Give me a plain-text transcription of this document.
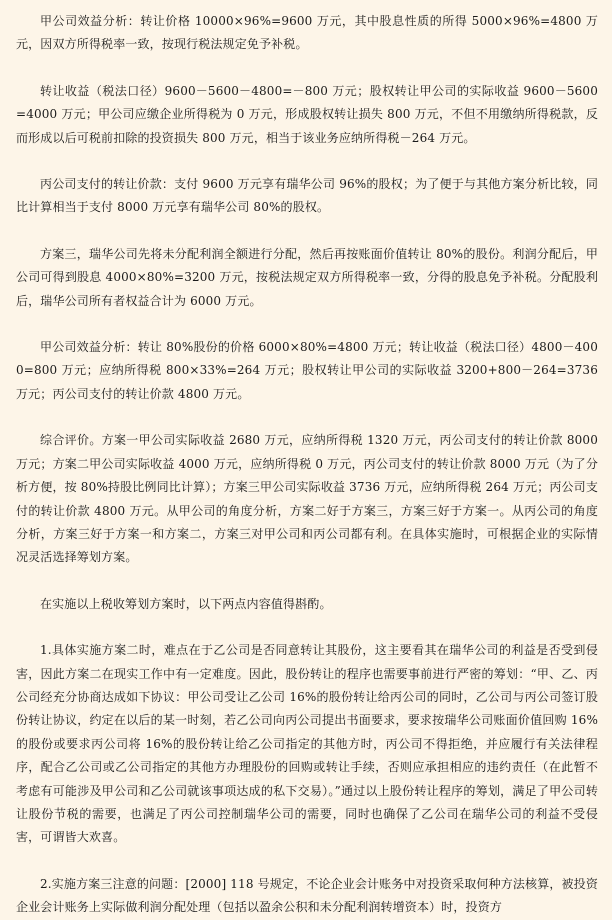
甲公司效益分析：转让价格 10000×96%=9600 万元，其中股息性质的所得 5000×96%=4800 万元，因双方所得税率一致，按现行税法规定免予补税。

转让收益（税法口径）9600－5600－4800=－800 万元；股权转让甲公司的实际收益 9600－5600=4000 万元；甲公司应缴企业所得税为 0 万元，形成股权转让损失 800 万元，不但不用缴纳所得税款，反而形成以后可税前扣除的投资损失 800 万元，相当于该业务应纳所得税－264 万元。

丙公司支付的转让价款：支付 9600 万元享有瑞华公司 96%的股权；为了便于与其他方案分析比较，同比计算相当于支付 8000 万元享有瑞华公司 80%的股权。

方案三，瑞华公司先将未分配利润全额进行分配，然后再按账面价值转让 80%的股份。利润分配后，甲公司可得到股息 4000×80%=3200 万元，按税法规定双方所得税率一致，分得的股息免予补税。分配股利后，瑞华公司所有者权益合计为 6000 万元。

甲公司效益分析：转让 80%股份的价格 6000×80%=4800 万元；转让收益（税法口径）4800－4000=800 万元；应纳所得税 800×33%=264 万元；股权转让甲公司的实际收益 3200+800－264=3736 万元；丙公司支付的转让价款 4800 万元。

综合评价。方案一甲公司实际收益 2680 万元，应纳所得税 1320 万元，丙公司支付的转让价款 8000 万元；方案二甲公司实际收益 4000 万元，应纳所得税 0 万元，丙公司支付的转让价款 8000 万元（为了分析方便，按 80%持股比例同比计算）；方案三甲公司实际收益 3736 万元，应纳所得税 264 万元；丙公司支付的转让价款 4800 万元。从甲公司的角度分析，方案二好于方案三，方案三好于方案一。从丙公司的角度分析，方案三好于方案一和方案二，方案三对甲公司和丙公司都有利。在具体实施时，可根据企业的实际情况灵活选择筹划方案。

在实施以上税收筹划方案时，以下两点内容值得斟酌。

1.具体实施方案二时，难点在于乙公司是否同意转让其股份，这主要看其在瑞华公司的利益是否受到侵害，因此方案二在现实工作中有一定难度。因此，股份转让的程序也需要事前进行严密的筹划：“甲、乙、丙公司经充分协商达成如下协议：甲公司受让乙公司 16%的股份转让给丙公司的同时，乙公司与丙公司签订股份转让协议，约定在以后的某一时刻，若乙公司向丙公司提出书面要求，要求按瑞华公司账面价值回购 16%的股份或要求丙公司将 16%的股份转让给乙公司指定的其他方时，丙公司不得拒绝，并应履行有关法律程序，配合乙公司或乙公司指定的其他方办理股份的回购或转让手续，否则应承担相应的违约责任（在此暂不考虑有可能涉及甲公司和乙公司就该事项达成的私下交易）。”通过以上股份转让程序的筹划，满足了甲公司转让股份节税的需要，也满足了丙公司控制瑞华公司的需要，同时也确保了乙公司在瑞华公司的利益不受侵害，可谓皆大欢喜。

2.实施方案三注意的问题：[2000] 118 号规定，不论企业会计账务中对投资采取何种方法核算，被投资企业会计账务上实际做利润分配处理（包括以盈余公积和未分配利润转增资本）时，投资方
